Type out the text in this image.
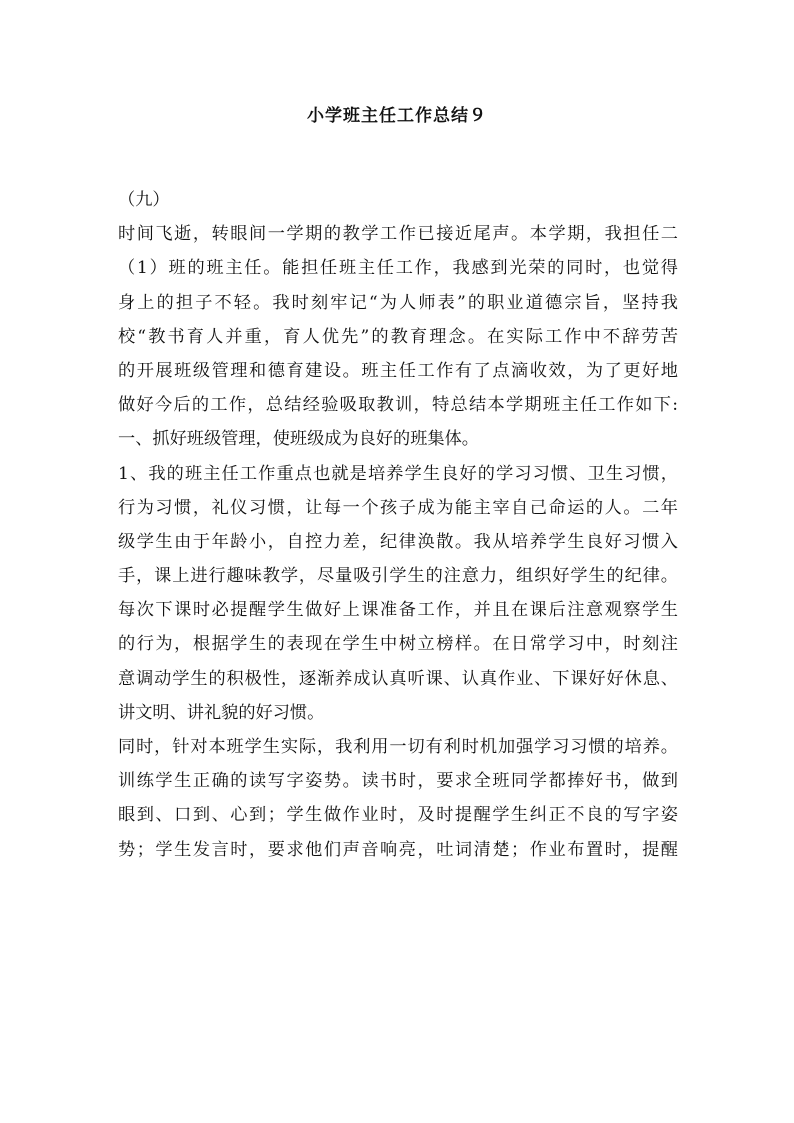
小学班主任工作总结９
（九）
时间飞逝，转眼间一学期的教学工作已接近尾声。本学期，我担任二
（1）班的班主任。能担任班主任工作，我感到光荣的同时，也觉得
身上的担子不轻。我时刻牢记“为人师表”的职业道德宗旨，坚持我
校“教书育人并重，育人优先”的教育理念。在实际工作中不辞劳苦
的开展班级管理和德育建设。班主任工作有了点滴收效，为了更好地
做好今后的工作，总结经验吸取教训，特总结本学期班主任工作如下:
一、抓好班级管理，使班级成为良好的班集体。
1、我的班主任工作重点也就是培养学生良好的学习习惯、卫生习惯，
行为习惯，礼仪习惯，让每一个孩子成为能主宰自己命运的人。二年
级学生由于年龄小，自控力差，纪律涣散。我从培养学生良好习惯入
手，课上进行趣味教学，尽量吸引学生的注意力，组织好学生的纪律。
每次下课时必提醒学生做好上课准备工作，并且在课后注意观察学生
的行为，根据学生的表现在学生中树立榜样。在日常学习中，时刻注
意调动学生的积极性，逐渐养成认真听课、认真作业、下课好好休息、
讲文明、讲礼貌的好习惯。
同时，针对本班学生实际，我利用一切有利时机加强学习习惯的培养。
训练学生正确的读写字姿势。读书时，要求全班同学都捧好书，做到
眼到、口到、心到；学生做作业时，及时提醒学生纠正不良的写字姿
势；学生发言时，要求他们声音响亮，吐词清楚；作业布置时，提醒
